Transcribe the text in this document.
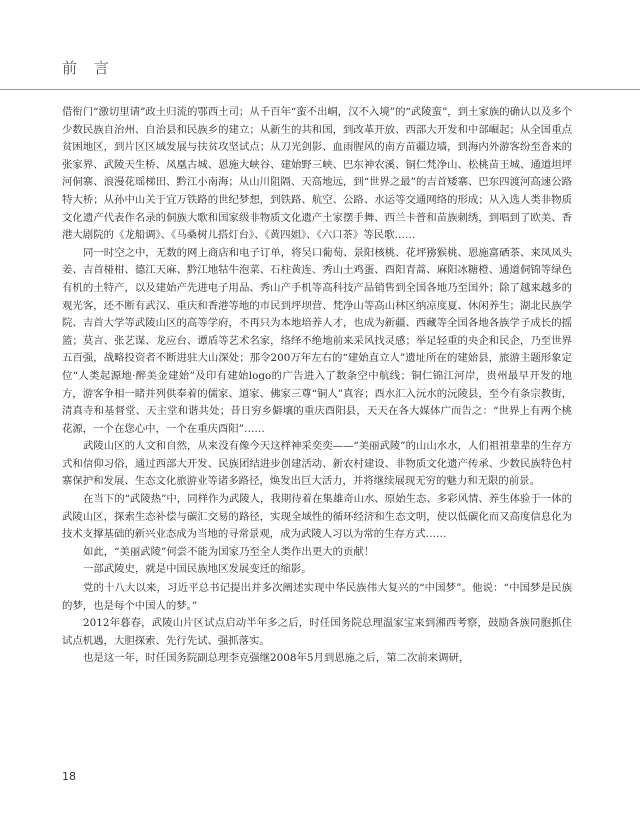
前 言

借衔门“激切里请”政土归流的鄂西土司；从千百年“蛮不出峒，汉不入境”的“武陵蛮”，到土家族的确认以及多个少数民族自治州、自治县和民族乡的建立；从新生的共和国，到改革开放、西部大开发和中部崛起；从全国重点贫困地区，到片区区域发展与扶贫攻坚试点；从刀光剑影、血雨腥风的南方苗疆边墙，到海内外游客纷至沓来的张家界、武陵天生桥、凤凰古城、恩施大峡谷、建始野三峡、巴东神农溪、铜仁梵净山、松桃苗王城、通道坦坪河侗寨、浪漫花瑶梯田、黔江小南海；从山川阻隔、天高地远，到“世界之最”的吉首矮寨、巴东四渡河高速公路特大桥；从孙中山关于宜万铁路的世纪梦想，到铁路、航空、公路、水运等交通网络的形成；从入选人类非物质文化遗产代表作名录的侗族大歌和国家级非物质文化遗产土家摆手舞、西兰卡普和苗族刺绣，到唱到了欧美、香港大剧院的《龙船调》、《马桑树儿搭灯台》、《黄四姐》、《六口茶》等民歌……

同一时空之中，无数的网上商店和电子订单，将吴口葡萄、景阳核桃、花坪猕猴桃、恩施富硒茶、来凤凤头姜、吉首椪柑、德江天麻、黔江地牯牛泡菜、石柱黄连、秀山土鸡蛋、酉阳青蒿、麻阳冰糖橙、通道侗锦等绿色有机的土特产，以及建始产先进电子用品、秀山产手机等高科技产品销售到全国各地乃至国外；除了越来越多的观光客，还不断有武汉、重庆和香港等地的市民到坪坝营、梵净山等高山林区纳凉度夏、休闲养生；湖北民族学院、吉首大学等武陵山区的高等学府，不再只为本地培养人才，也成为新疆、西藏等全国各地各族学子成长的摇篮；莫言、张艺谋、龙应台、谭盾等艺术名家，络绎不绝地前来采风找灵感；举足轻重的央企和民企，乃至世界五百强，战略投资者不断进驻大山深处；那令200万年左右的“建始直立人”遗址所在的建始县，旅游主题形象定位“人类起源地·醉美金建始”及印有建始logo的广告进入了数条空中航线；铜仁锦江河岸，贵州最早开发的地方，游客争相一睹并列供奉着的儒家、道家、佛家三尊“铜人”真容；酉水汇入沅水的沅陵县，至今有条宗教街，清真寺和基督堂、天主堂和谐共处；昔日穷乡僻壤的重庆酉阳县，天天在各大媒体广而告之：“世界上有两个桃花源，一个在您心中，一个在重庆酉阳”……

武陵山区的人文和自然，从来没有像今天这样神采奕奕——“美丽武陵”的山山水水，人们祖祖辈辈的生存方式和信仰习俗，通过西部大开发、民族团结进步创建活动、新农村建设、非物质文化遗产传承、少数民族特色村寨保护和发展、生态文化旅游业等诸多路径，焕发出巨大活力，并将继续展现无穷的魅力和无限的前景。

在当下的“武陵热”中，同样作为武陵人，我期待着在集雄奇山水、原始生态、多彩风情、养生体验于一体的武陵山区，探索生态补偿与碳汇交易的路径，实现全域性的循环经济和生态文明，使以低碳化而又高度信息化为技术支撑基础的新兴业态成为当地的寻常景观，成为武陵人习以为常的生存方式……

如此，“美丽武陵”何尝不能为国家乃至全人类作出更大的贡献！

一部武陵史，就是中国民族地区发展变迁的缩影。

党的十八大以来，习近平总书记提出并多次阐述实现中华民族伟大复兴的“中国梦”。他说：“中国梦是民族的梦，也是每个中国人的梦。”

2012年暮春，武陵山片区试点启动半年多之后，时任国务院总理温家宝来到湘西考察，鼓励各族同胞抓住试点机遇，大胆探索、先行先试、强抓落实。

也是这一年，时任国务院副总理李克强继2008年5月到恩施之后，第二次前来调研，

18
